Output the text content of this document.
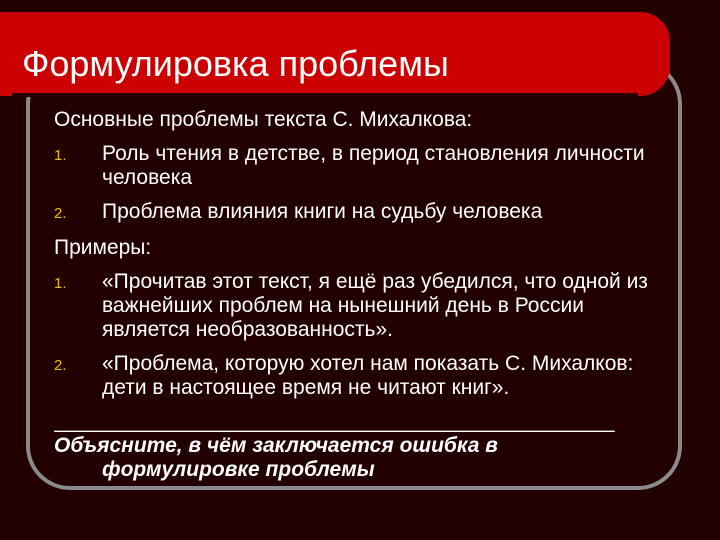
Формулировка проблемы

Основные проблемы текста С. Михалкова:

1.	Роль чтения в детстве, в период становления личности человека
2.	Проблема влияния книги на судьбу человека

Примеры:

1.	«Прочитав этот текст, я ещё раз убедился, что одной из важнейших проблем на нынешний день в России является необразованность».
2.	«Проблема, которую хотел нам показать С. Михалков: дети в настоящее время не читают книг».

________________________________________________

Объясните, в чём заключается ошибка в формулировке проблемы
